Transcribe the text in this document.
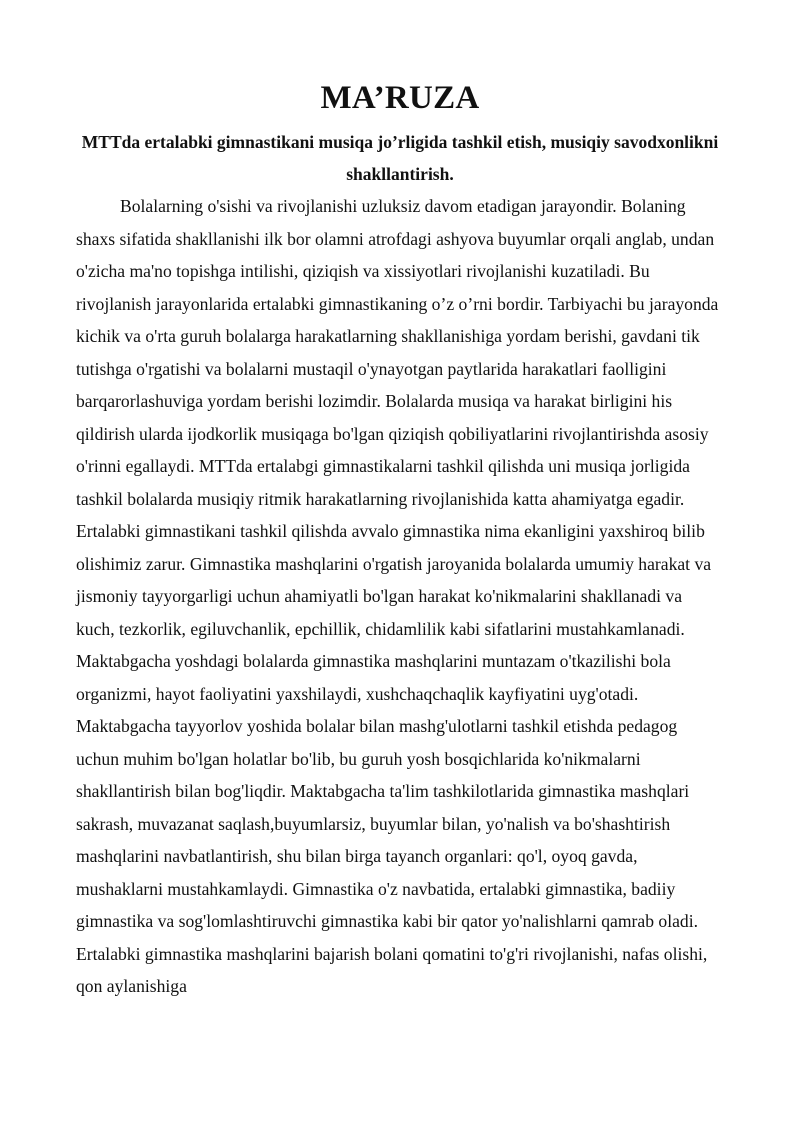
MA’RUZA

MTTda ertalabki gimnastikani musiqa jo’rligida tashkil etish, musiqiy savodxonlikni shakllantirish.

Bolalarning o'sishi va rivojlanishi uzluksiz davom etadigan jarayondir. Bolaning shaxs sifatida shakllanishi ilk bor olamni atrofdagi ashyova buyumlar orqali anglab, undan o'zicha ma'no topishga intilishi, qiziqish va xissiyotlari rivojlanishi kuzatiladi. Bu rivojlanish jarayonlarida ertalabki gimnastikaning o’z o’rni bordir. Tarbiyachi bu jarayonda kichik va o'rta guruh bolalarga harakatlarning shakllanishiga yordam berishi, gavdani tik tutishga o'rgatishi va bolalarni mustaqil o'ynayotgan paytlarida harakatlari faolligini barqarorlashuviga yordam berishi lozimdir. Bolalarda musiqa va harakat birligini his qildirish ularda ijodkorlik musiqaga bo'lgan qiziqish qobiliyatlarini rivojlantirishda asosiy o'rinni egallaydi. MTTda ertalabgi gimnastikalarni tashkil qilishda uni musiqa jorligida tashkil bolalarda musiqiy ritmik harakatlarning rivojlanishida katta ahamiyatga egadir.

Ertalabki gimnastikani tashkil qilishda avvalo gimnastika nima ekanligini yaxshiroq bilib olishimiz zarur. Gimnastika mashqlarini o'rgatish jaroyanida bolalarda umumiy harakat va jismoniy tayyorgarligi uchun ahamiyatli bo'lgan harakat ko'nikmalarini shakllanadi va kuch, tezkorlik, egiluvchanlik, epchillik, chidamlilik kabi sifatlarini mustahkamlanadi. Maktabgacha yoshdagi bolalarda gimnastika mashqlarini muntazam o'tkazilishi bola organizmi, hayot faoliyatini yaxshilaydi, xushchaqchaqlik kayfiyatini uyg'otadi. Maktabgacha tayyorlov yoshida bolalar bilan mashg'ulotlarni tashkil etishda pedagog uchun muhim bo'lgan holatlar bo'lib, bu guruh yosh bosqichlarida ko'nikmalarni shakllantirish bilan bog'liqdir. Maktabgacha ta'lim tashkilotlarida gimnastika mashqlari sakrash, muvazanat saqlash,buyumlarsiz, buyumlar bilan, yo'nalish va bo'shashtirish mashqlarini navbatlantirish, shu bilan birga tayanch organlari: qo'l, oyoq gavda, mushaklarni mustahkamlaydi. Gimnastika o'z navbatida, ertalabki gimnastika, badiiy gimnastika va sog'lomlashtiruvchi gimnastika kabi bir qator yo'nalishlarni qamrab oladi. Ertalabki gimnastika mashqlarini bajarish bolani qomatini to'g'ri rivojlanishi, nafas olishi, qon aylanishiga
